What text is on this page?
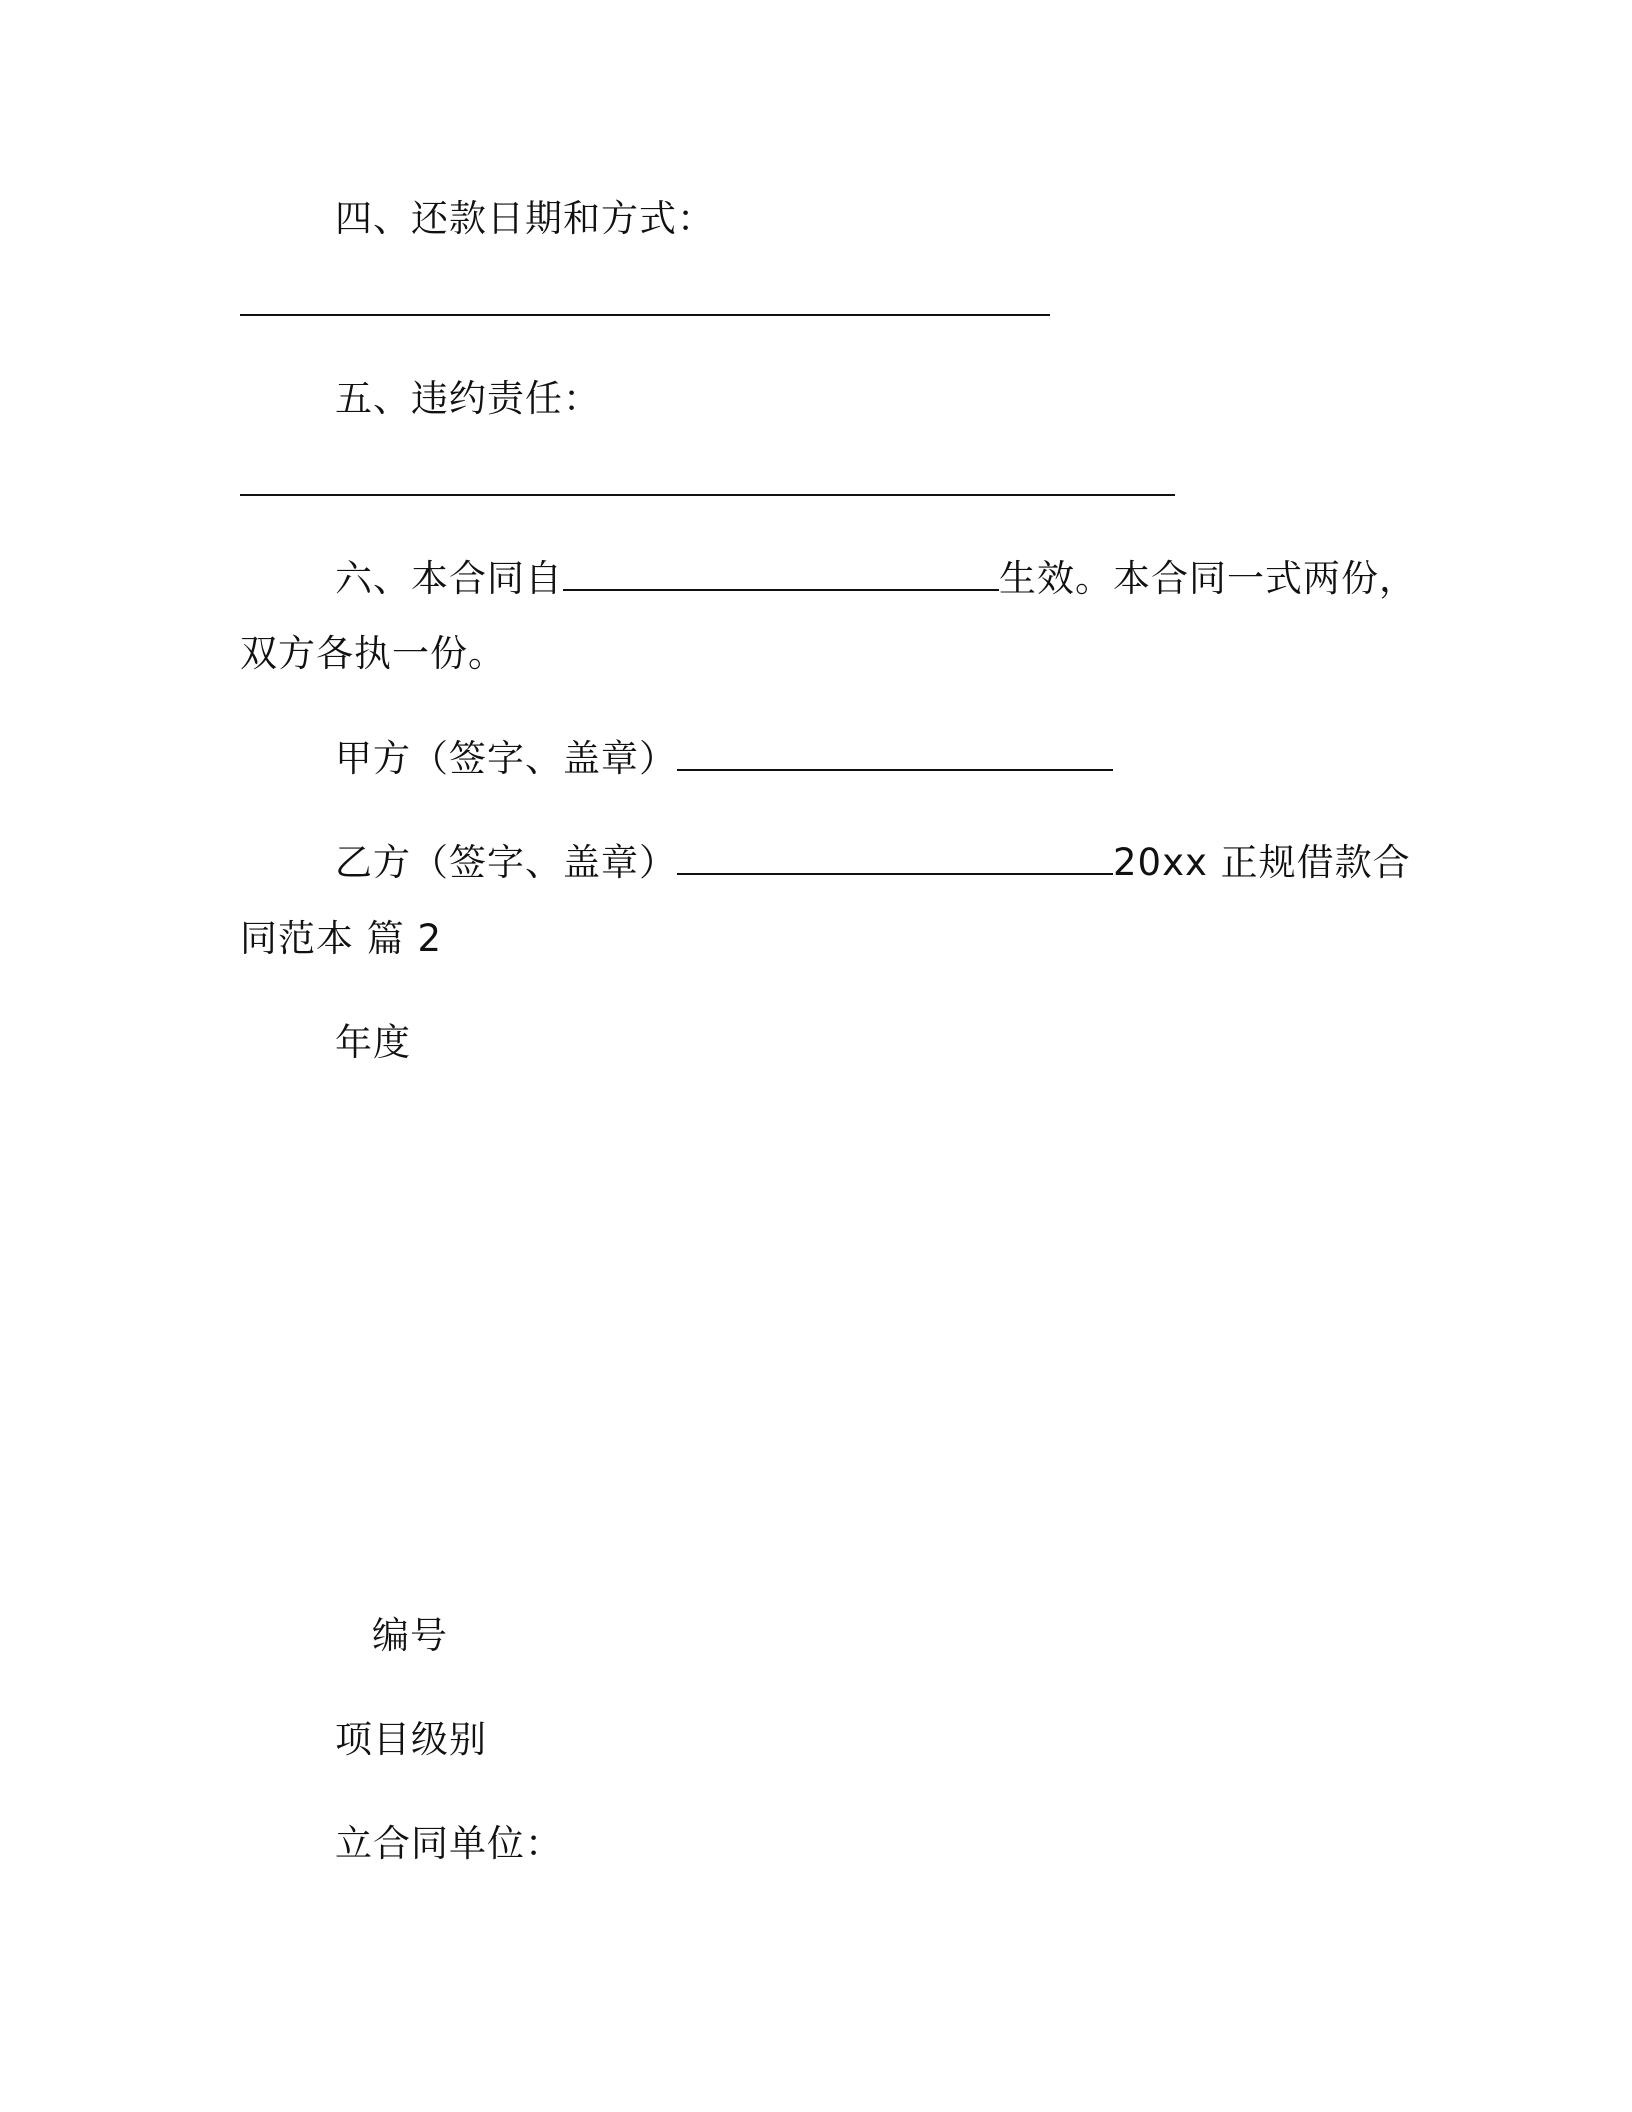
四、还款日期和方式：
五、违约责任：
六、本合同自	生效。本合同一式两份，
双方各执一份。
甲方（签字、盖章）
乙方（签字、盖章）	20xx 正规借款合
同范本 篇 2
年度
编号
项目级别
立合同单位：
